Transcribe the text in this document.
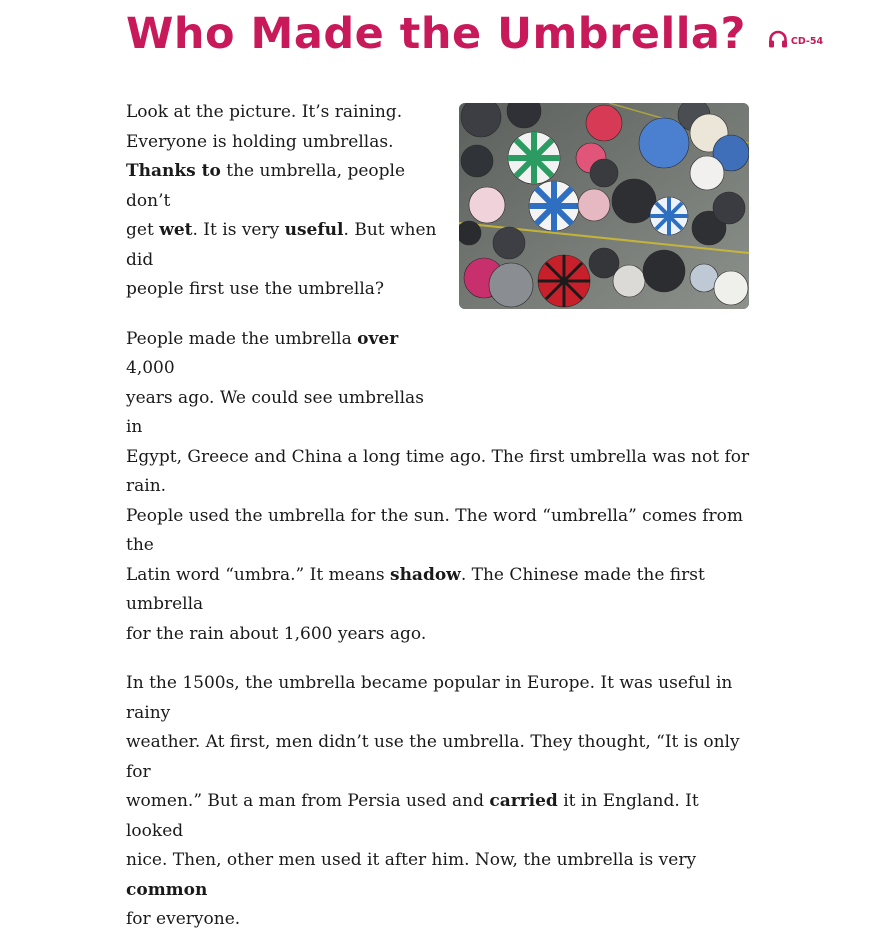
Who Made the Umbrella?	CD-54

Look at the picture. It’s raining.
Everyone is holding umbrellas.
Thanks to the umbrella, people don’t
get wet. It is very useful. But when did
people first use the umbrella?

People made the umbrella over 4,000
years ago. We could see umbrellas in

Egypt, Greece and China a long time ago. The first umbrella was not for rain.
People used the umbrella for the sun. The word “umbrella” comes from the
Latin word “umbra.” It means shadow. The Chinese made the first umbrella
for the rain about 1,600 years ago.

In the 1500s, the umbrella became popular in Europe. It was useful in rainy
weather. At first, men didn’t use the umbrella. They thought, “It is only for
women.” But a man from Persia used and carried it in England. It looked
nice. Then, other men used it after him. Now, the umbrella is very common
for everyone.
